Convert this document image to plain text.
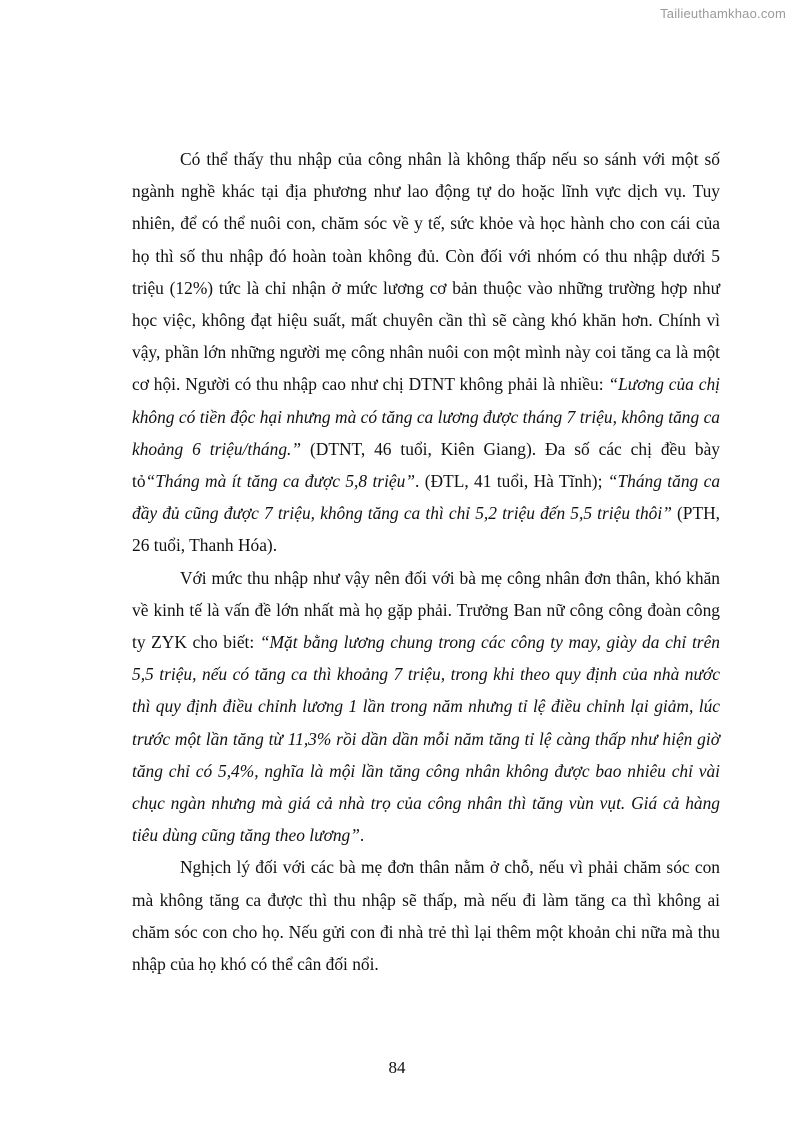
Tailieuthamkhao.com

Có thể thấy thu nhập của công nhân là không thấp nếu so sánh với một số ngành nghề khác tại địa phương như lao động tự do hoặc lĩnh vực dịch vụ. Tuy nhiên, để có thể nuôi con, chăm sóc về y tế, sức khỏe và học hành cho con cái của họ thì số thu nhập đó hoàn toàn không đủ. Còn đối với nhóm có thu nhập dưới 5 triệu (12%) tức là chỉ nhận ở mức lương cơ bản thuộc vào những trường hợp như học việc, không đạt hiệu suất, mất chuyên cần thì sẽ càng khó khăn hơn. Chính vì vậy, phần lớn những người mẹ công nhân nuôi con một mình này coi tăng ca là một cơ hội. Người có thu nhập cao như chị DTNT không phải là nhiều: “Lương của chị không có tiền độc hại nhưng mà có tăng ca lương được tháng 7 triệu, không tăng ca khoảng 6 triệu/tháng.” (DTNT, 46 tuổi, Kiên Giang). Đa số các chị đều bày tỏ“Tháng mà ít tăng ca được 5,8 triệu”. (ĐTL, 41 tuổi, Hà Tĩnh); “Tháng tăng ca đầy đủ cũng được 7 triệu, không tăng ca thì chỉ 5,2 triệu đến 5,5 triệu thôi” (PTH, 26 tuổi, Thanh Hóa).

Với mức thu nhập như vậy nên đối với bà mẹ công nhân đơn thân, khó khăn về kinh tế là vấn đề lớn nhất mà họ gặp phải. Trưởng Ban nữ công công đoàn công ty ZYK cho biết: “Mặt bằng lương chung trong các công ty may, giày da chỉ trên 5,5 triệu, nếu có tăng ca thì khoảng 7 triệu, trong khi theo quy định của nhà nước thì quy định điều chỉnh lương 1 lần trong năm nhưng tỉ lệ điều chỉnh lại giảm, lúc trước một lần tăng từ 11,3% rồi dần dần mỗi năm tăng tỉ lệ càng thấp như hiện giờ tăng chỉ có 5,4%, nghĩa là mội lần tăng công nhân không được bao nhiêu chỉ vài chục ngàn nhưng mà giá cả nhà trọ của công nhân thì tăng vùn vụt. Giá cả hàng tiêu dùng cũng tăng theo lương”.

Nghịch lý đối với các bà mẹ đơn thân nằm ở chỗ, nếu vì phải chăm sóc con mà không tăng ca được thì thu nhập sẽ thấp, mà nếu đi làm tăng ca thì không ai chăm sóc con cho họ. Nếu gửi con đi nhà trẻ thì lại thêm một khoản chi nữa mà thu nhập của họ khó có thể cân đối nổi.

84
